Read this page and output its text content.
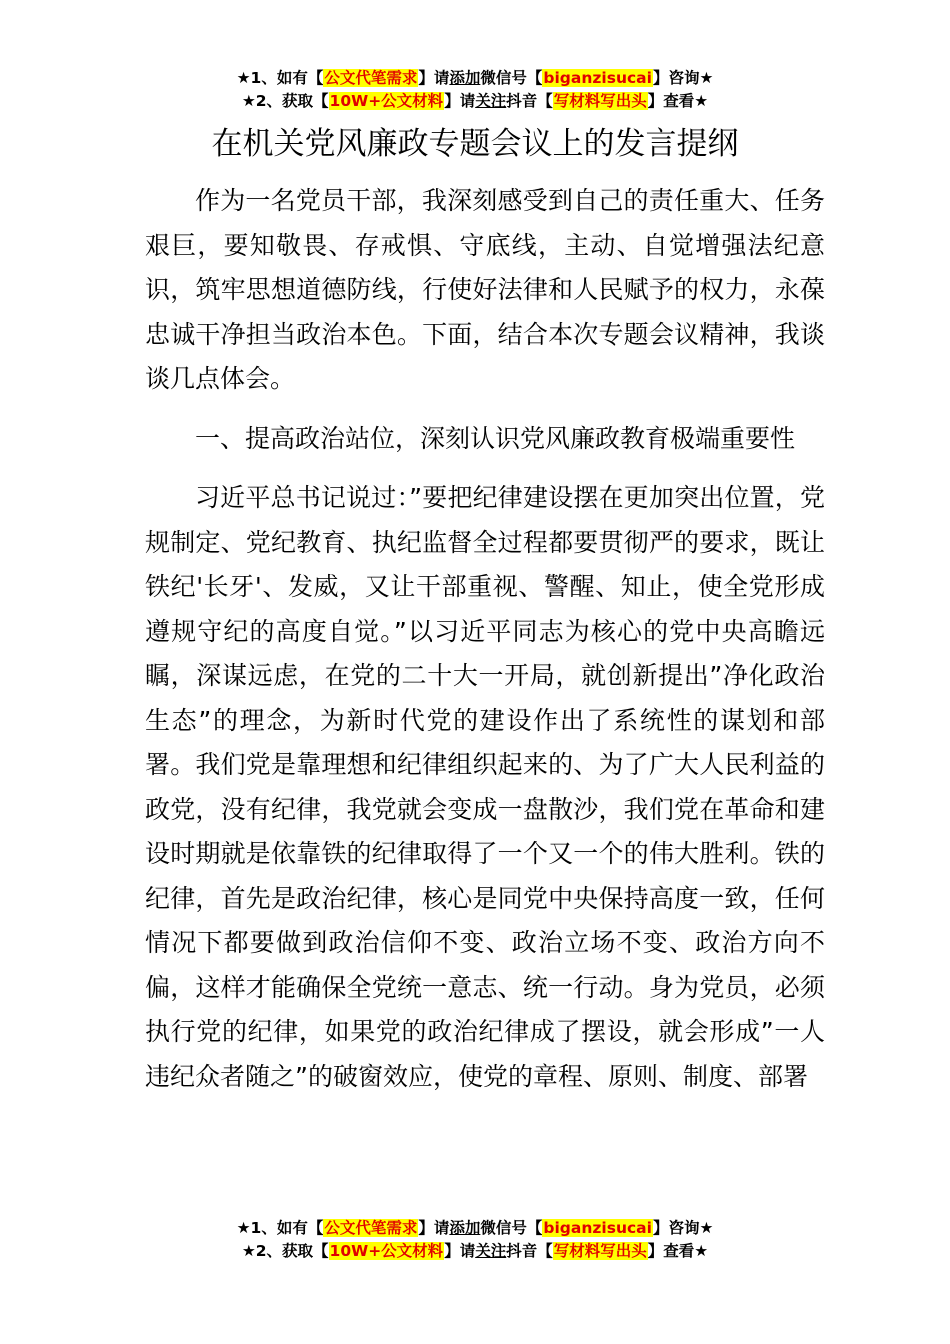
★1、如有【公文代笔需求】请添加微信号【biganzisucai】咨询★
★2、获取【10W+公文材料】请关注抖音【写材料写出头】查看★
在机关党风廉政专题会议上的发言提纲

作为一名党员干部，我深刻感受到自己的责任重大、任务艰巨，要知敬畏、存戒惧、守底线，主动、自觉增强法纪意识，筑牢思想道德防线，行使好法律和人民赋予的权力，永葆忠诚干净担当政治本色。下面，结合本次专题会议精神，我谈谈几点体会。

一、提高政治站位，深刻认识党风廉政教育极端重要性

习近平总书记说过：”要把纪律建设摆在更加突出位置，党规制定、党纪教育、执纪监督全过程都要贯彻严的要求，既让铁纪'长牙'、发威，又让干部重视、警醒、知止，使全党形成遵规守纪的高度自觉。”以习近平同志为核心的党中央高瞻远瞩，深谋远虑，在党的二十大一开局，就创新提出”净化政治生态”的理念，为新时代党的建设作出了系统性的谋划和部署。我们党是靠理想和纪律组织起来的、为了广大人民利益的政党，没有纪律，我党就会变成一盘散沙，我们党在革命和建设时期就是依靠铁的纪律取得了一个又一个的伟大胜利。铁的纪律，首先是政治纪律，核心是同党中央保持高度一致，任何情况下都要做到政治信仰不变、政治立场不变、政治方向不偏，这样才能确保全党统一意志、统一行动。身为党员，必须执行党的纪律，如果党的政治纪律成了摆设，就会形成”一人违纪众者随之”的破窗效应，使党的章程、原则、制度、部署

★1、如有【公文代笔需求】请添加微信号【biganzisucai】咨询★
★2、获取【10W+公文材料】请关注抖音【写材料写出头】查看★
